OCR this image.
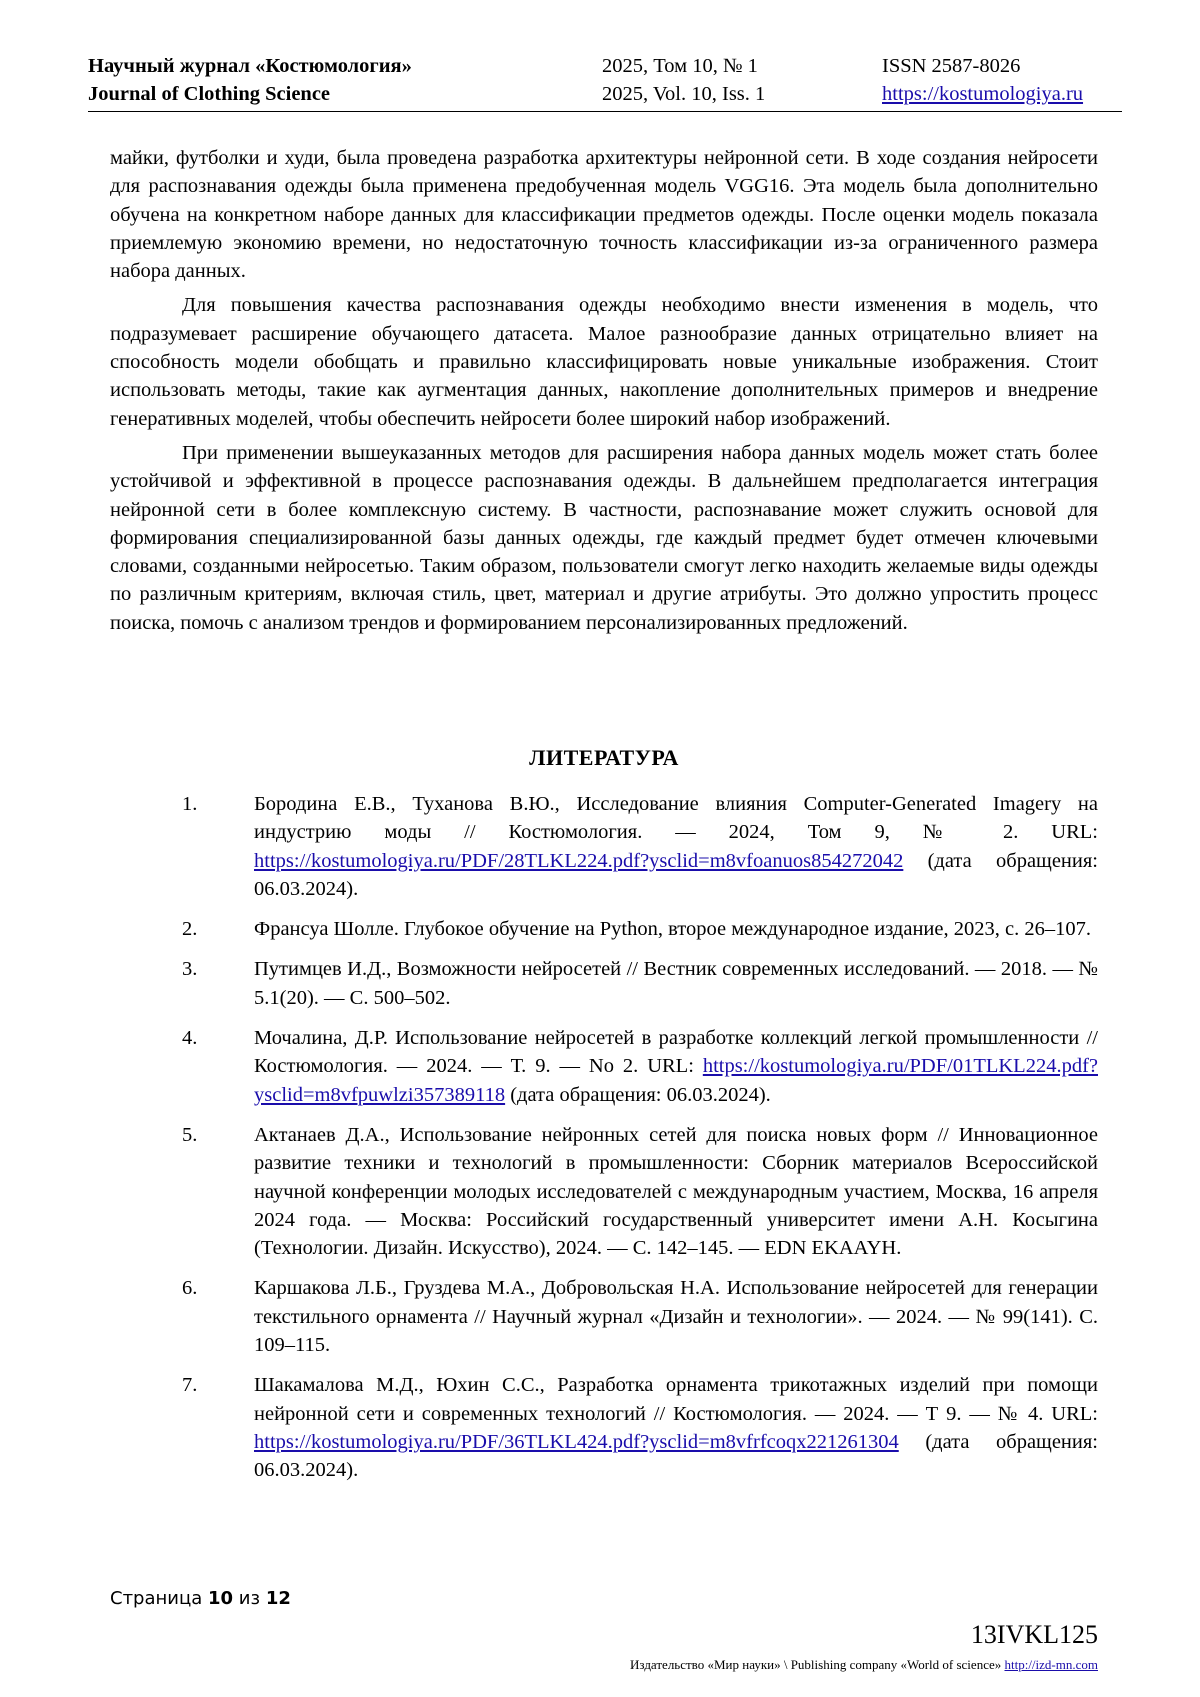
Научный журнал «Костюмология»
Journal of Clothing Science
2025, Том 10, № 1
2025, Vol. 10, Iss. 1
ISSN 2587-8026
https://kostumologiya.ru

майки, футболки и худи, была проведена разработка архитектуры нейронной сети. В ходе создания нейросети для распознавания одежды была применена предобученная модель VGG16. Эта модель была дополнительно обучена на конкретном наборе данных для классификации предметов одежды. После оценки модель показала приемлемую экономию времени, но недостаточную точность классификации из-за ограниченного размера набора данных.

Для повышения качества распознавания одежды необходимо внести изменения в модель, что подразумевает расширение обучающего датасета. Малое разнообразие данных отрицательно влияет на способность модели обобщать и правильно классифицировать новые уникальные изображения. Стоит использовать методы, такие как аугментация данных, накопление дополнительных примеров и внедрение генеративных моделей, чтобы обеспечить нейросети более широкий набор изображений.

При применении вышеуказанных методов для расширения набора данных модель может стать более устойчивой и эффективной в процессе распознавания одежды. В дальнейшем предполагается интеграция нейронной сети в более комплексную систему. В частности, распознавание может служить основой для формирования специализированной базы данных одежды, где каждый предмет будет отмечен ключевыми словами, созданными нейросетью. Таким образом, пользователи смогут легко находить желаемые виды одежды по различным критериям, включая стиль, цвет, материал и другие атрибуты. Это должно упростить процесс поиска, помочь с анализом трендов и формированием персонализированных предложений.

ЛИТЕРАТУРА
1.	Бородина Е.В., Туханова В.Ю., Исследование влияния Computer-Generated Imagery на индустрию моды // Костюмология. — 2024, Том 9, № 2. URL: https://kostumologiya.ru/PDF/28TLKL224.pdf?ysclid=m8vfoanuos854272042 (дата обращения: 06.03.2024).
2.	Франсуа Шолле. Глубокое обучение на Python, второе международное издание, 2023, с. 26–107.
3.	Путимцев И.Д., Возможности нейросетей // Вестник современных исследований. — 2018. — № 5.1(20). — С. 500–502.
4.	Мочалина, Д.Р. Использование нейросетей в разработке коллекций легкой промышленности // Костюмология. — 2024. — Т. 9. — No 2. URL: https://kostumologiya.ru/PDF/01TLKL224.pdf?ysclid=m8vfpuwlzi357389118 (дата обращения: 06.03.2024).
5.	Актанаев Д.А., Использование нейронных сетей для поиска новых форм // Инновационное развитие техники и технологий в промышленности: Сборник материалов Всероссийской научной конференции молодых исследователей с международным участием, Москва, 16 апреля 2024 года. — Москва: Российский государственный университет имени А.Н. Косыгина (Технологии. Дизайн. Искусство), 2024. — С. 142–145. — EDN EKAAYH.
6.	Каршакова Л.Б., Груздева М.А., Добровольская Н.А. Использование нейросетей для генерации текстильного орнамента // Научный журнал «Дизайн и технологии». — 2024. — № 99(141). С. 109–115.
7.	Шакамалова М.Д., Юхин С.С., Разработка орнамента трикотажных изделий при помощи нейронной сети и современных технологий // Костюмология. — 2024. — Т 9. — № 4. URL: https://kostumologiya.ru/PDF/36TLKL424.pdf?ysclid=m8vfrfcoqx221261304 (дата обращения: 06.03.2024).
Страница 10 из 12
13IVKL125
Издательство «Мир науки» \ Publishing company «World of science» http://izd-mn.com
